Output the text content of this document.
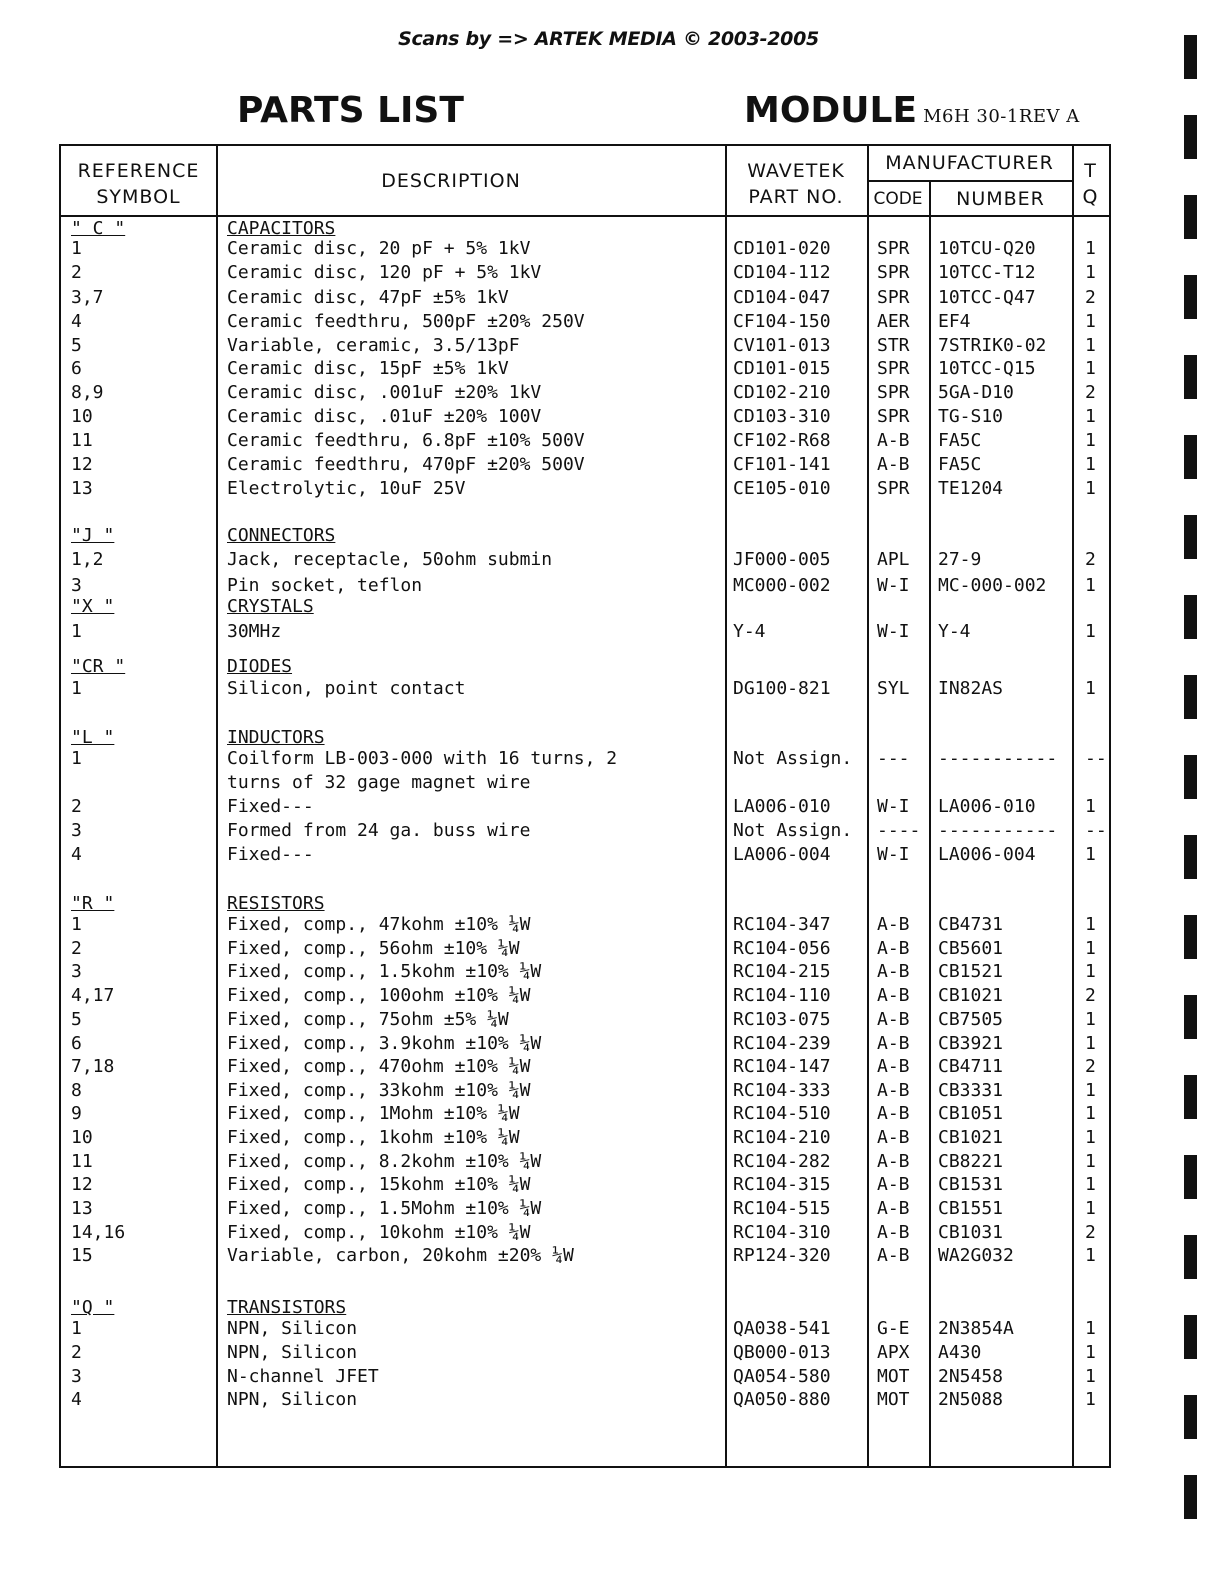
Scans by => ARTEK MEDIA © 2003-2005
PARTS LIST	MODULE M6H 30-1REV A
REFERENCE
SYMBOL
DESCRIPTION	WAVETEK
PART NO.
MANUFACTURER
CODE	NUMBER
T
Q
" C "	CAPACITORS
1	Ceramic disc, 20 pF + 5% 1kV	CD101-020	SPR 10TCU-Q20	1
2	Ceramic disc, 120 pF + 5% 1kV	CD104-112	SPR 10TCC-T12	1
3,7	Ceramic disc, 47pF ±5% 1kV	CD104-047	SPR 10TCC-Q47	2
4	Ceramic feedthru, 500pF ±20% 250V	CF104-150	AER EF4	1
5	Variable, ceramic, 3.5/13pF	CV101-013	STR 7STRIK0-02 1
6	Ceramic disc, 15pF ±5% 1kV	CD101-015	SPR 10TCC-Q15	1
8,9	Ceramic disc, .001uF ±20% 1kV	CD102-210	SPR 5GA-D10	2
10	Ceramic disc, .01uF ±20% 100V	CD103-310	SPR TG-S10	1
11	Ceramic feedthru, 6.8pF ±10% 500V	CF102-R68	A-B FA5C	1
12	Ceramic feedthru, 470pF ±20% 500V	CF101-141	A-B FA5C	1
13	Electrolytic, 10uF 25V	CE105-010	SPR TE1204	1
"J "	CONNECTORS
1,2	Jack, receptacle, 50ohm submin	JF000-005	APL 27-9	2
3	Pin socket, teflon	MC000-002	W-I MC-000-002 1
"X "	CRYSTALS
1	30MHz	Y-4	W-I Y-4	1
"CR "	DIODES
1	Silicon, point contact	DG100-821	SYL IN82AS	1
"L "	INDUCTORS
1	Coilform LB-003-000 with 16 turns, 2	Not Assign. --- ----------- --
turns of 32 gage magnet wire
2	Fixed---	LA006-010	W-I LA006-010	1
3	Formed from 24 ga. buss wire	Not Assign. ---- ----------- --
4	Fixed---	LA006-004	W-I LA006-004	1
"R "	RESISTORS
1	Fixed, comp., 47kohm ±10% ¼W	RC104-347	A-B CB4731	1
2	Fixed, comp., 56ohm ±10% ¼W	RC104-056	A-B CB5601	1
3	Fixed, comp., 1.5kohm ±10% ¼W	RC104-215	A-B CB1521	1
4,17	Fixed, comp., 100ohm ±10% ¼W	RC104-110	A-B CB1021	2
5	Fixed, comp., 75ohm ±5% ¼W	RC103-075	A-B CB7505	1
6	Fixed, comp., 3.9kohm ±10% ¼W	RC104-239	A-B CB3921	1
7,18	Fixed, comp., 470ohm ±10% ¼W	RC104-147	A-B CB4711	2
8	Fixed, comp., 33kohm ±10% ¼W	RC104-333	A-B CB3331	1
9	Fixed, comp., 1Mohm ±10% ¼W	RC104-510	A-B CB1051	1
10	Fixed, comp., 1kohm ±10% ¼W	RC104-210	A-B CB1021	1
11	Fixed, comp., 8.2kohm ±10% ¼W	RC104-282	A-B CB8221	1
12	Fixed, comp., 15kohm ±10% ¼W	RC104-315	A-B CB1531	1
13	Fixed, comp., 1.5Mohm ±10% ¼W	RC104-515	A-B CB1551	1
14,16	Fixed, comp., 10kohm ±10% ¼W	RC104-310	A-B CB1031	2
15	Variable, carbon, 20kohm ±20% ¼W	RP124-320	A-B WA2G032	1
"Q "	TRANSISTORS
1	NPN, Silicon	QA038-541	G-E 2N3854A	1
2	NPN, Silicon	QB000-013	APX A430	1
3	N-channel JFET	QA054-580	MOT 2N5458	1
4	NPN, Silicon	QA050-880	MOT 2N5088	1
